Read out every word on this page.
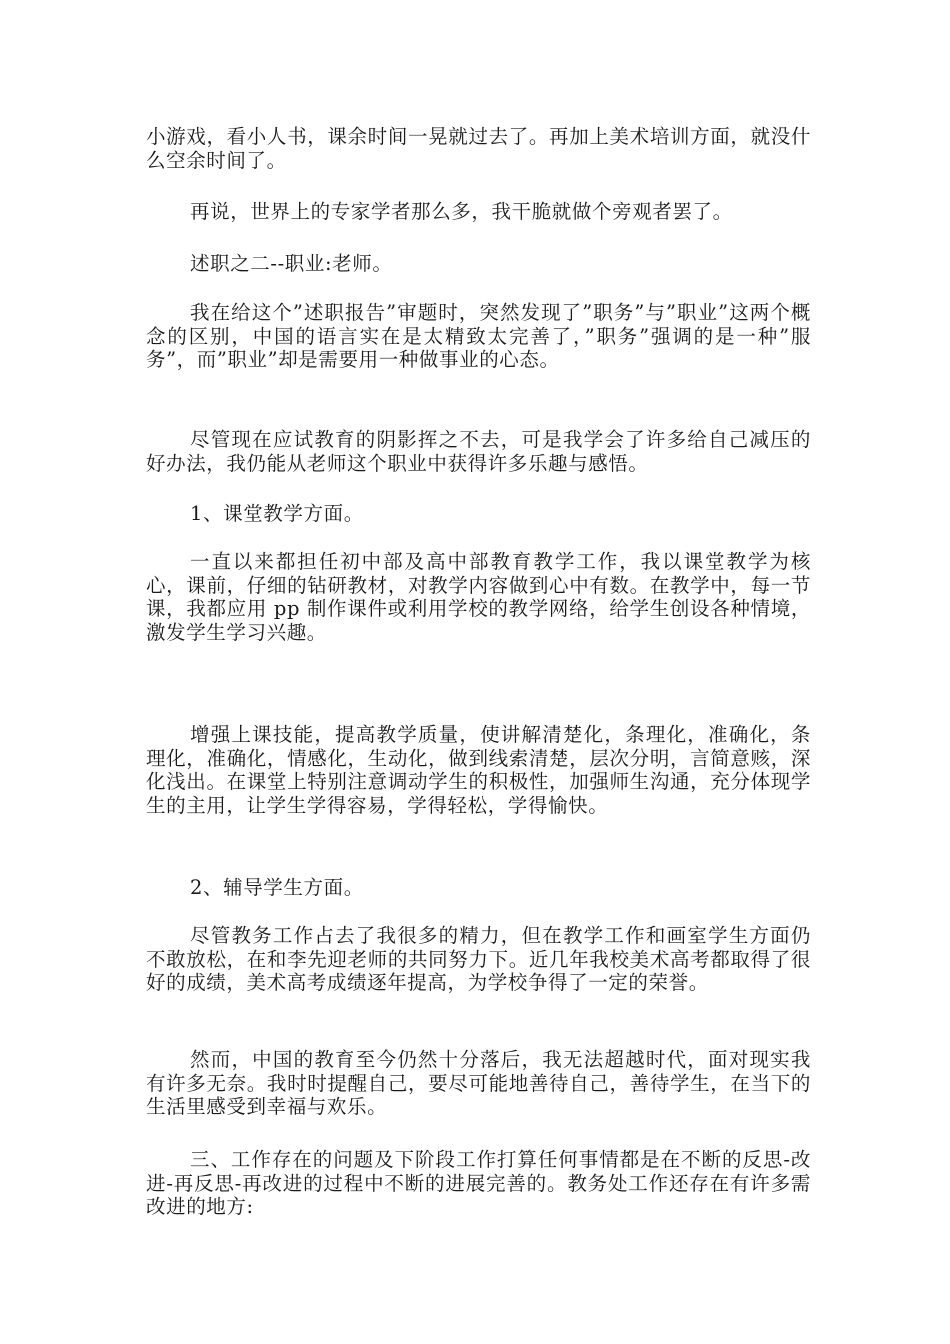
小游戏，看小人书，课余时间一晃就过去了。再加上美术培训方面，就没什么空余时间了。

再说，世界上的专家学者那么多，我干脆就做个旁观者罢了。

述职之二--职业:老师。

我在给这个”述职报告”审题时，突然发现了”职务”与”职业”这两个概念的区别，中国的语言实在是太精致太完善了，”职务”强调的是一种”服务”，而”职业”却是需要用一种做事业的心态。

尽管现在应试教育的阴影挥之不去，可是我学会了许多给自己减压的好办法，我仍能从老师这个职业中获得许多乐趣与感悟。

1、课堂教学方面。

一直以来都担任初中部及高中部教育教学工作，我以课堂教学为核心，课前，仔细的钻研教材，对教学内容做到心中有数。在教学中，每一节课，我都应用 pp 制作课件或利用学校的教学网络，给学生创设各种情境，激发学生学习兴趣。

增强上课技能，提高教学质量，使讲解清楚化，条理化，准确化，条理化，准确化，情感化，生动化，做到线索清楚，层次分明，言简意赅，深化浅出。在课堂上特别注意调动学生的积极性，加强师生沟通，充分体现学生的主用，让学生学得容易，学得轻松，学得愉快。

2、辅导学生方面。

尽管教务工作占去了我很多的精力，但在教学工作和画室学生方面仍不敢放松，在和李先迎老师的共同努力下。近几年我校美术高考都取得了很好的成绩，美术高考成绩逐年提高，为学校争得了一定的荣誉。

然而，中国的教育至今仍然十分落后，我无法超越时代，面对现实我有许多无奈。我时时提醒自己，要尽可能地善待自己，善待学生，在当下的生活里感受到幸福与欢乐。

三、工作存在的问题及下阶段工作打算任何事情都是在不断的反思-改进-再反思-再改进的过程中不断的进展完善的。教务处工作还存在有许多需改进的地方:
